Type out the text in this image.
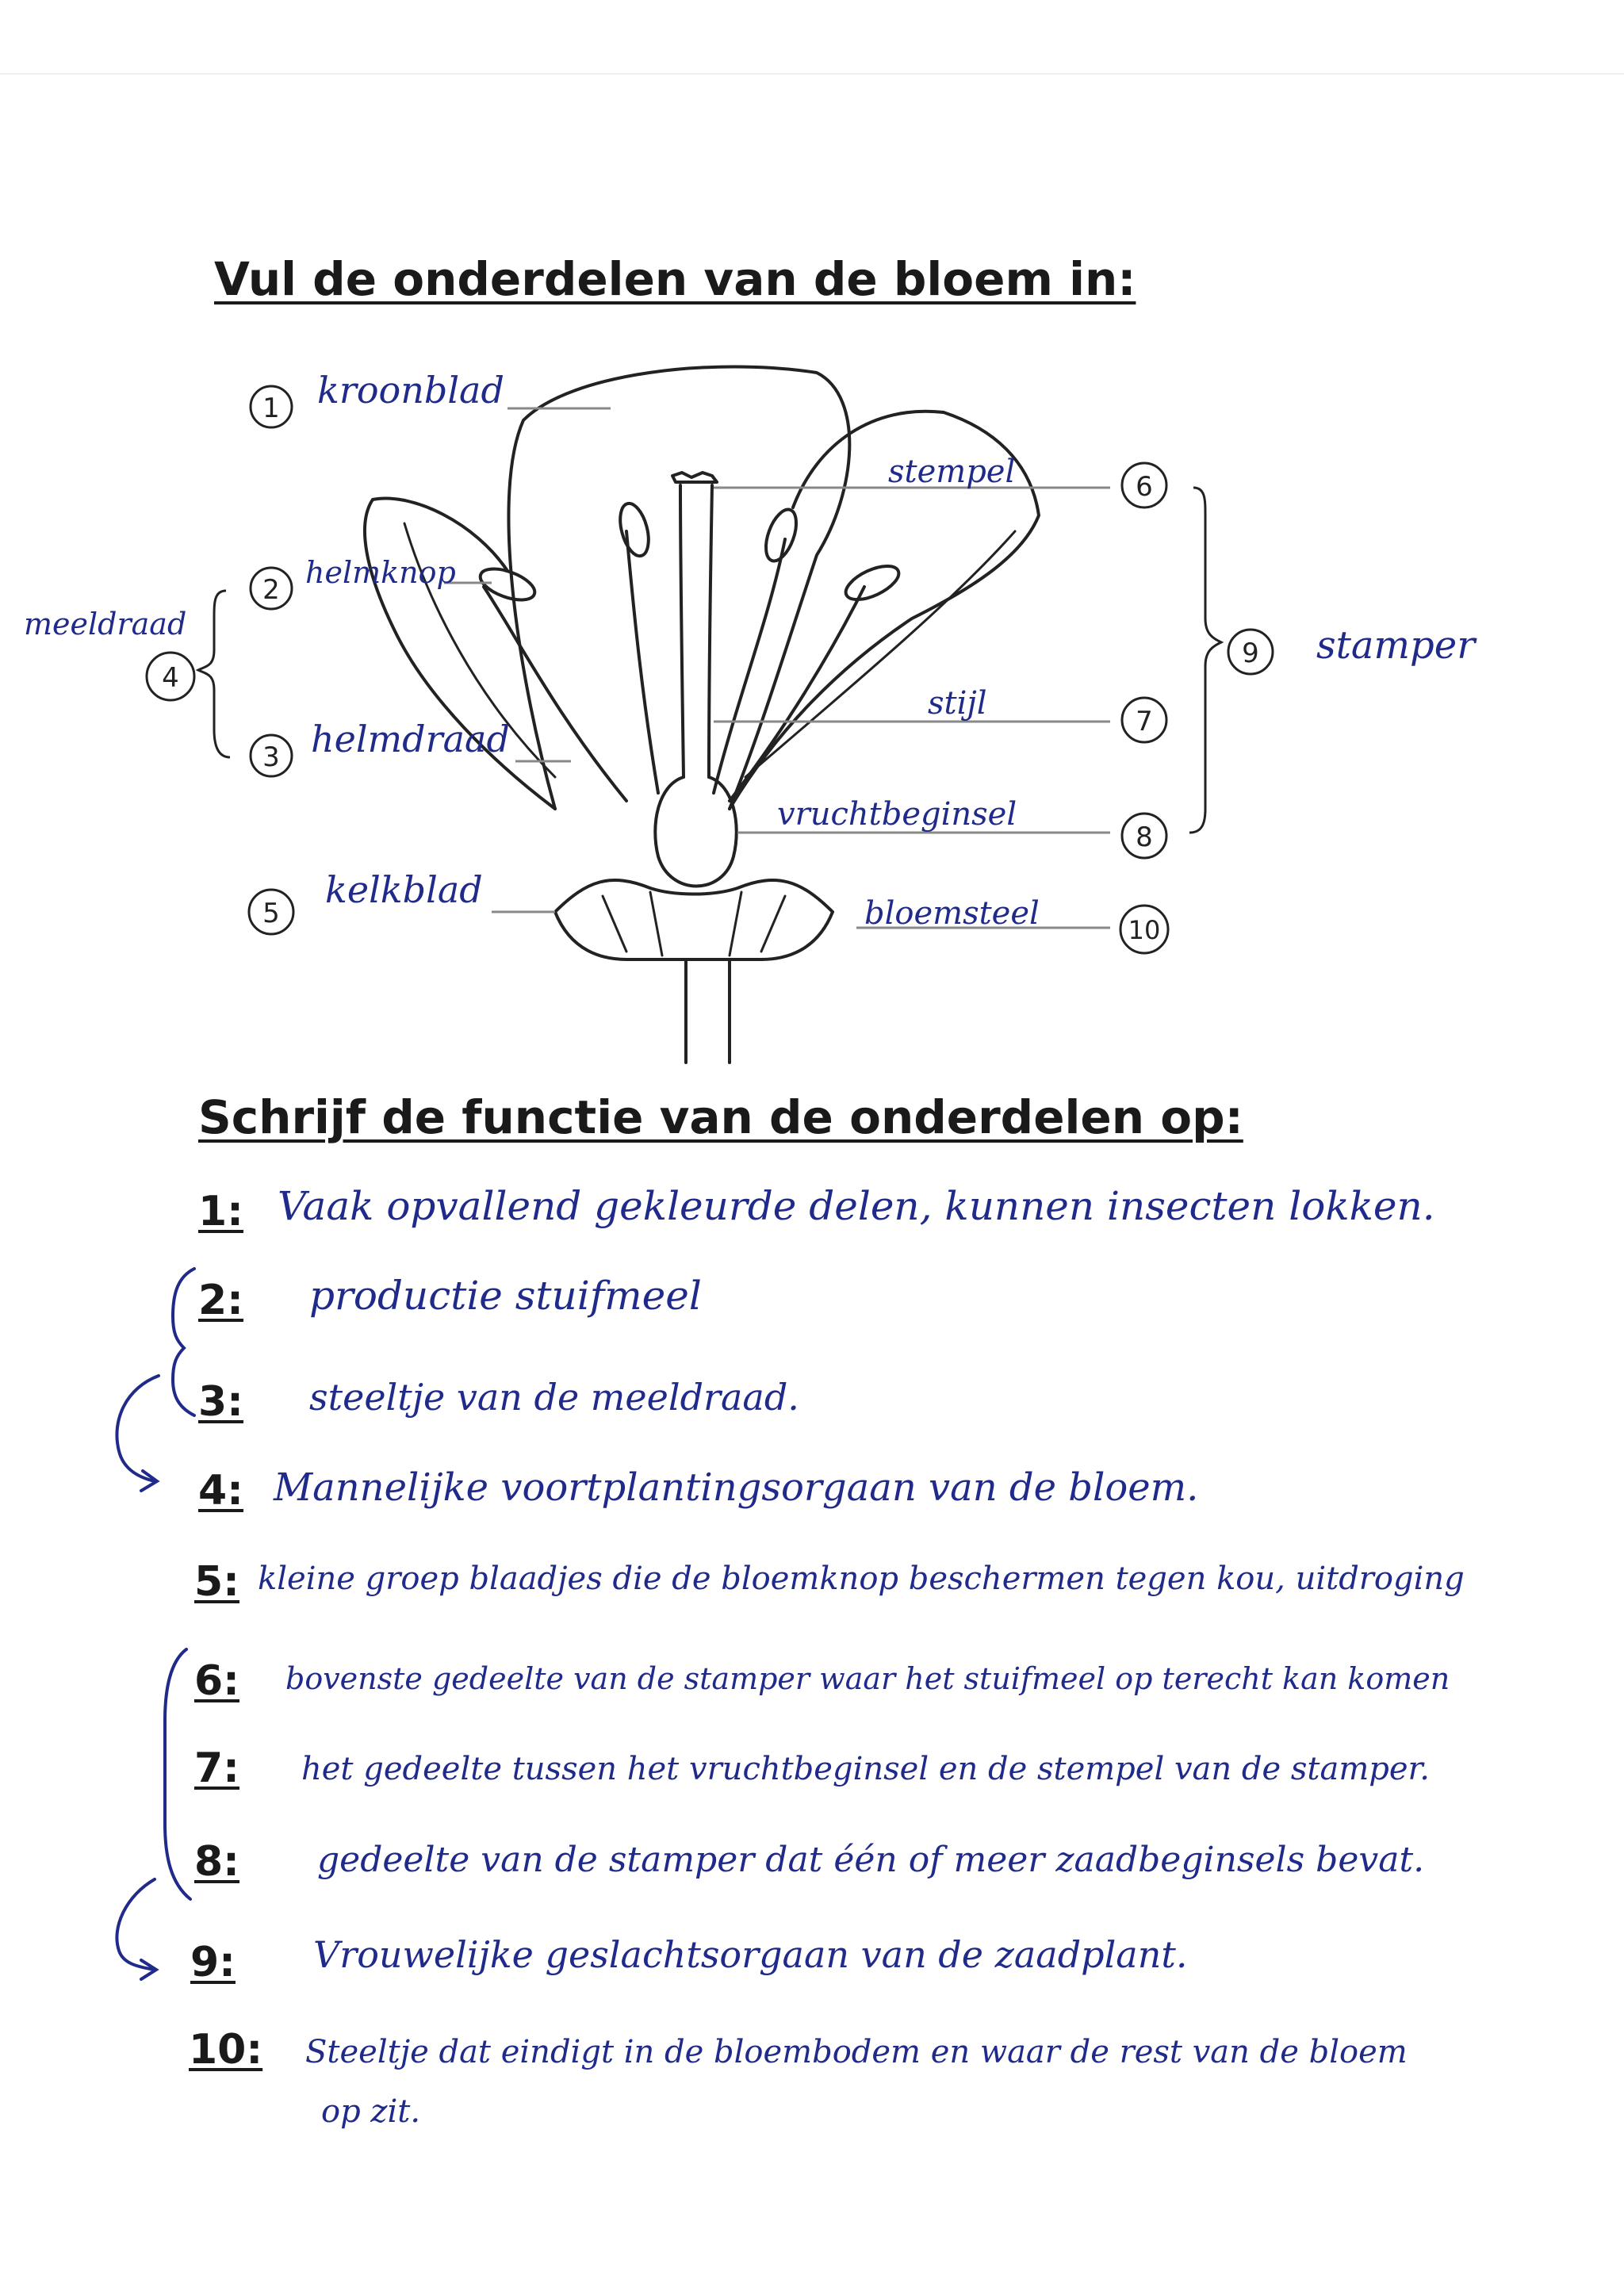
Vul de onderdelen van de bloem in:
1
2
4
3
5
6
9
7
8
10
kroonblad
helmknop
meeldraad
helmdraad
kelkblad
stempel
stijl
vruchtbeginsel
bloemsteel
stamper
Schrijf de functie van de onderdelen op:
1: Vaak opvallend gekleurde delen, kunnen insecten lokken.
2: productie stuifmeel
3: steeltje van de meeldraad.
4: Mannelijke voortplantingsorgaan van de bloem.
5: kleine groep blaadjes die de bloemknop beschermen tegen kou, uitdroging
6: bovenste gedeelte van de stamper waar het stuifmeel op terecht kan komen
7: het gedeelte tussen het vruchtbeginsel en de stempel van de stamper.
8: gedeelte van de stamper dat één of meer zaadbeginsels bevat.
9: Vrouwelijke geslachtsorgaan van de zaadplant.
10: Steeltje dat eindigt in de bloembodem en waar de rest van de bloem
op zit.
